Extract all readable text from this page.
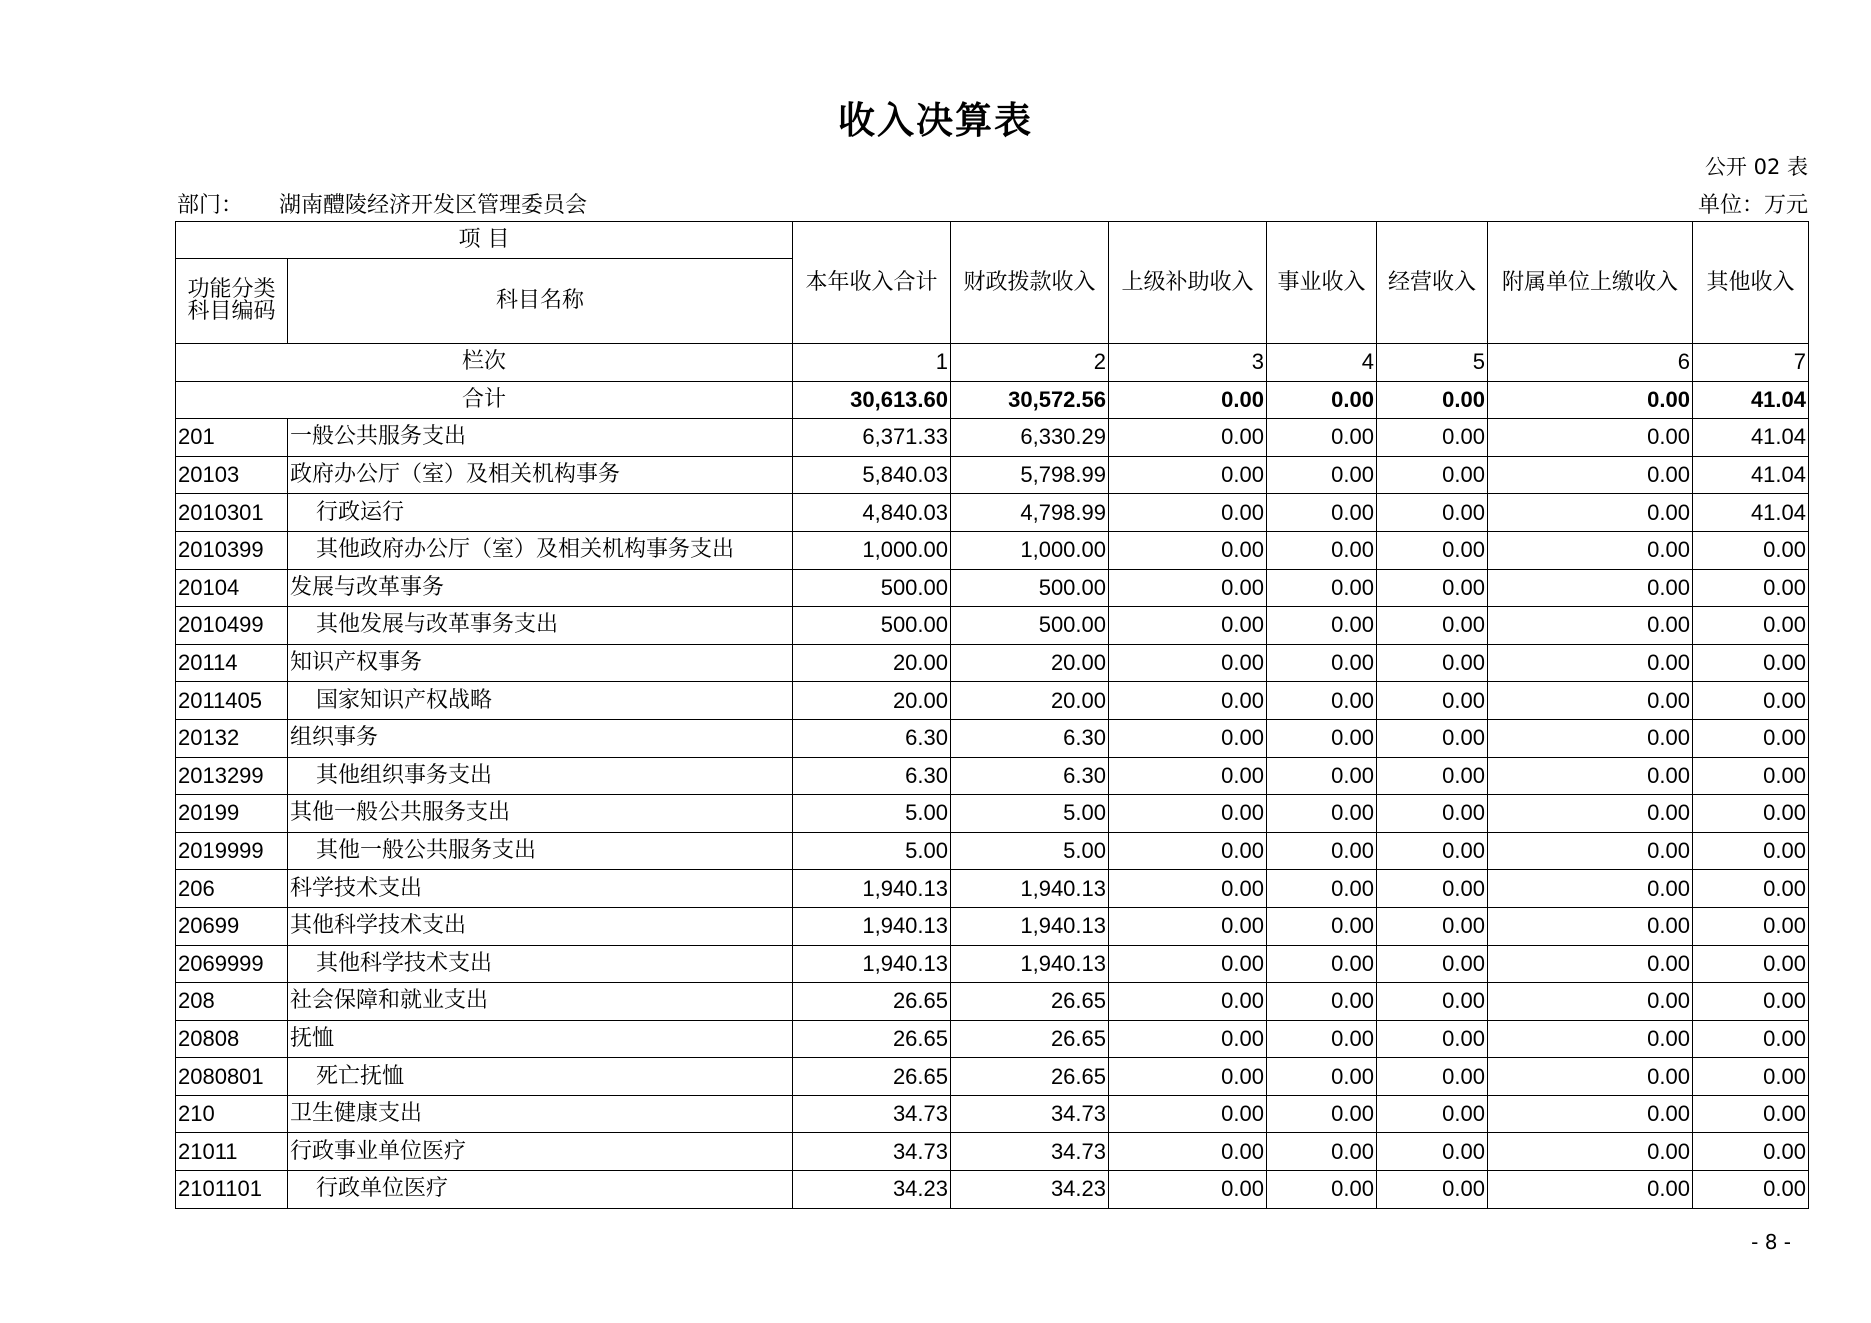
收入决算表
公开 02 表
部门： 湖南醴陵经济开发区管理委员会	单位：万元
项 目		本年收入合计	财政拨款收入	上级补助收入	事业收入	经营收入	附属单位上缴收入	其他收入
功能分类科目编码	科目名称							
栏次		1	2	3	4	5	6	7
合计		30,613.60	30,572.56	0.00	0.00	0.00	0.00	41.04
201	一般公共服务支出	6,371.33	6,330.29	0.00	0.00	0.00	0.00	41.04
20103	政府办公厅（室）及相关机构事务	5,840.03	5,798.99	0.00	0.00	0.00	0.00	41.04
2010301	行政运行	4,840.03	4,798.99	0.00	0.00	0.00	0.00	41.04
2010399	其他政府办公厅（室）及相关机构事务支出	1,000.00	1,000.00	0.00	0.00	0.00	0.00	0.00
20104	发展与改革事务	500.00	500.00	0.00	0.00	0.00	0.00	0.00
2010499	其他发展与改革事务支出	500.00	500.00	0.00	0.00	0.00	0.00	0.00
20114	知识产权事务	20.00	20.00	0.00	0.00	0.00	0.00	0.00
2011405	国家知识产权战略	20.00	20.00	0.00	0.00	0.00	0.00	0.00
20132	组织事务	6.30	6.30	0.00	0.00	0.00	0.00	0.00
2013299	其他组织事务支出	6.30	6.30	0.00	0.00	0.00	0.00	0.00
20199	其他一般公共服务支出	5.00	5.00	0.00	0.00	0.00	0.00	0.00
2019999	其他一般公共服务支出	5.00	5.00	0.00	0.00	0.00	0.00	0.00
206	科学技术支出	1,940.13	1,940.13	0.00	0.00	0.00	0.00	0.00
20699	其他科学技术支出	1,940.13	1,940.13	0.00	0.00	0.00	0.00	0.00
2069999	其他科学技术支出	1,940.13	1,940.13	0.00	0.00	0.00	0.00	0.00
208	社会保障和就业支出	26.65	26.65	0.00	0.00	0.00	0.00	0.00
20808	抚恤	26.65	26.65	0.00	0.00	0.00	0.00	0.00
2080801	死亡抚恤	26.65	26.65	0.00	0.00	0.00	0.00	0.00
210	卫生健康支出	34.73	34.73	0.00	0.00	0.00	0.00	0.00
21011	行政事业单位医疗	34.73	34.73	0.00	0.00	0.00	0.00	0.00
2101101	行政单位医疗	34.23	34.23	0.00	0.00	0.00	0.00	0.00
- 8 -
